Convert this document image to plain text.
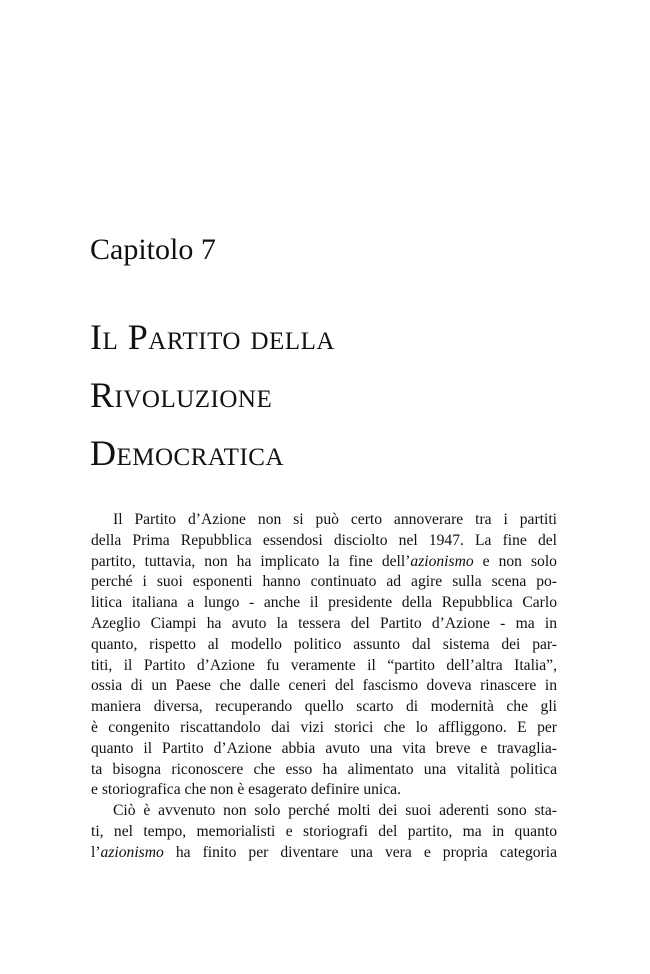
Capitolo 7
Il Partito della
Rivoluzione
Democratica
Il Partito d’Azione non si può certo annoverare tra i partiti
della Prima Repubblica essendosi disciolto nel 1947. La fine del
partito, tuttavia, non ha implicato la fine dell’azionismo e non solo
perché i suoi esponenti hanno continuato ad agire sulla scena po-
litica italiana a lungo - anche il presidente della Repubblica Carlo
Azeglio Ciampi ha avuto la tessera del Partito d’Azione - ma in
quanto, rispetto al modello politico assunto dal sistema dei par-
titi, il Partito d’Azione fu veramente il “partito dell’altra Italia”,
ossia di un Paese che dalle ceneri del fascismo doveva rinascere in
maniera diversa, recuperando quello scarto di modernità che gli
è congenito riscattandolo dai vizi storici che lo affliggono. E per
quanto il Partito d’Azione abbia avuto una vita breve e travaglia-
ta bisogna riconoscere che esso ha alimentato una vitalità politica
e storiografica che non è esagerato definire unica.
Ciò è avvenuto non solo perché molti dei suoi aderenti sono sta-
ti, nel tempo, memorialisti e storiografi del partito, ma in quanto
l’azionismo ha finito per diventare una vera e propria categoria
